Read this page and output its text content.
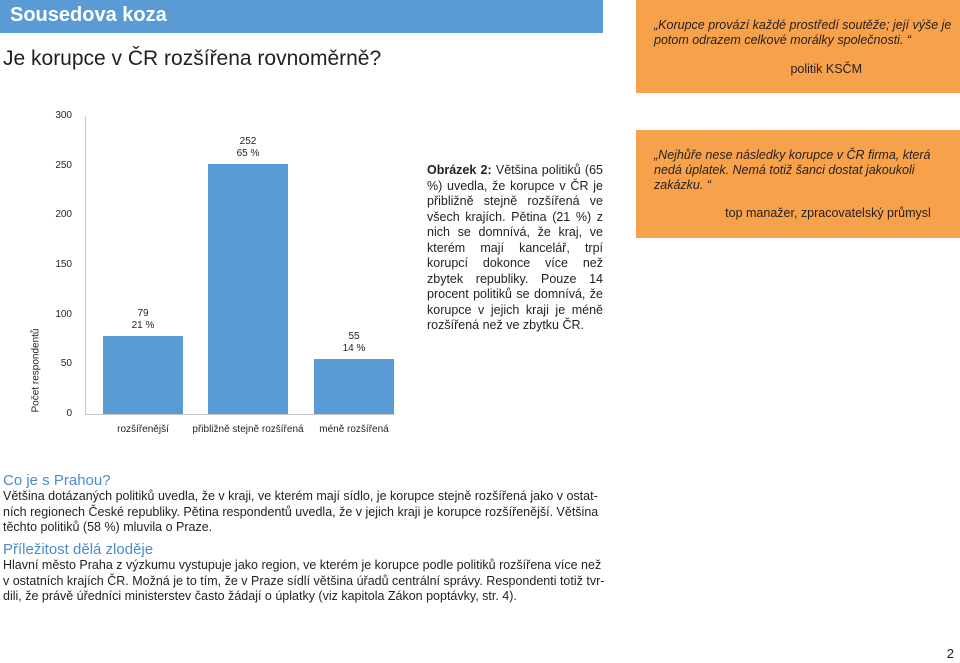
Sousedova koza
Je korupce v ČR rozšířena rovnoměrně?
„Korupce provází každé prostředí soutěže; její výše je potom odrazem celkové morálky společnosti. “
politik KSČM
„Nejhůře nese následky korupce v ČR firma, která nedá úplatek. Nemá totiž šanci dostat jakoukoli zakázku. “
top manažer, zpracovatelský průmysl
Počet respondentů
300
250
200
150
100
50
0
79
21 %
rozšířenější
252
65 %
přibližně stejně rozšířená
55
14 %
méně rozšířená
Obrázek 2: Většina politiků (65 %) uvedla, že korupce v ČR je přibližně stejně rozšířená ve všech krajích. Pětina (21 %) z nich se domnívá, že kraj, ve kterém mají kancelář, trpí korupcí dokonce více než zbytek republiky. Pouze 14 procent politiků se domnívá, že korupce v jejich kraji je méně rozšířená než ve zbytku ČR.
Co je s Prahou?
Většina dotázaných politiků uvedla, že v kraji, ve kterém mají sídlo, je korupce stejně rozšířená jako v ostat-
ních regionech České republiky. Pětina respondentů uvedla, že v jejich kraji je korupce rozšířenější. Většina
těchto politiků (58 %) mluvila o Praze.
Příležitost dělá zloděje
Hlavní město Praha z výzkumu vystupuje jako region, ve kterém je korupce podle politiků rozšířena více než
v ostatních krajích ČR. Možná je to tím, že v Praze sídlí většina úřadů centrální správy. Respondenti totiž tvr-
dili, že právě úředníci ministerstev často žádají o úplatky (viz kapitola Zákon poptávky, str. 4).
2
